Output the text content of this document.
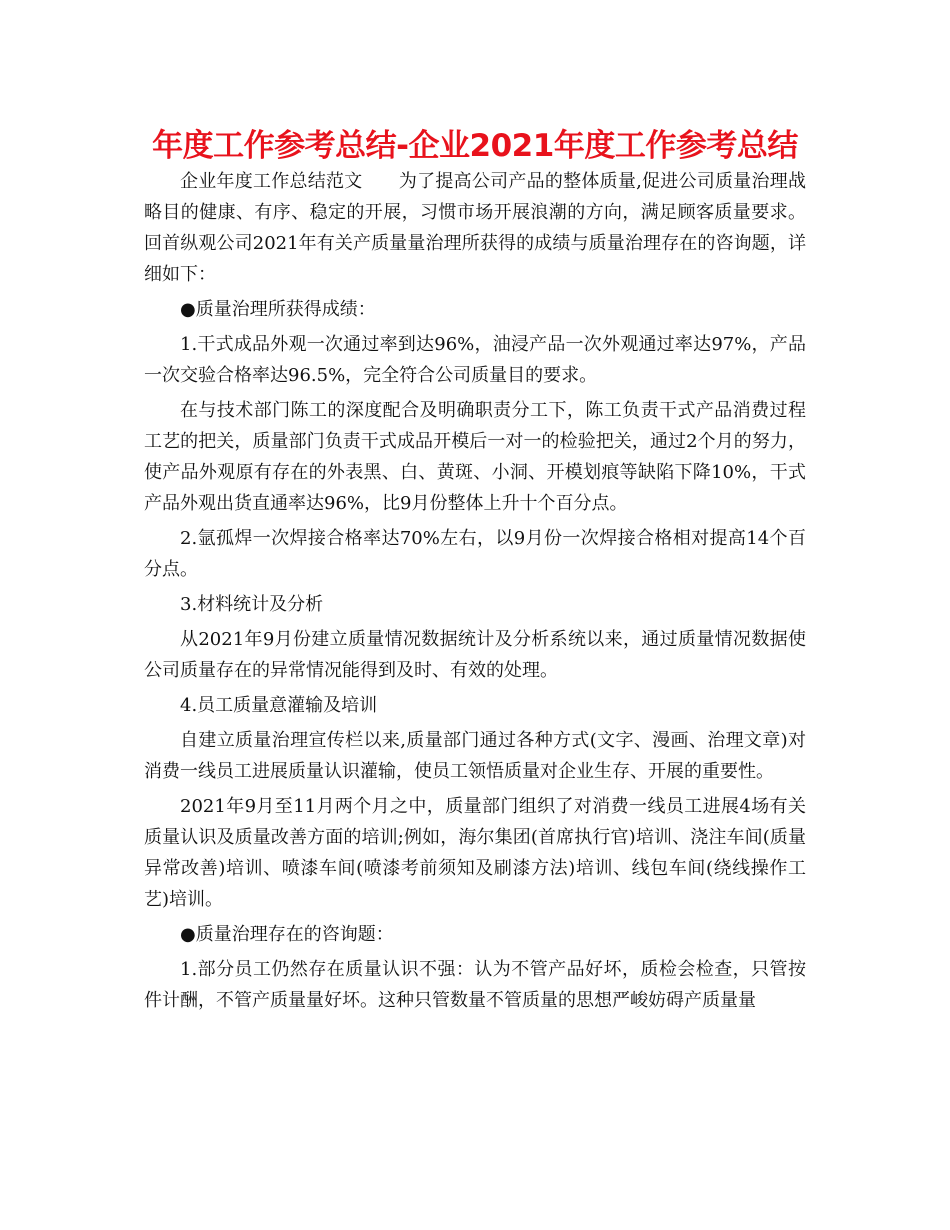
年度工作参考总结-企业2021年度工作参考总结

企业年度工作总结范文　　为了提高公司产品的整体质量,促进公司质量治理战略目的健康、有序、稳定的开展，习惯市场开展浪潮的方向，满足顾客质量要求。回首纵观公司2021年有关产质量量治理所获得的成绩与质量治理存在的咨询题，详细如下：

●质量治理所获得成绩：

1.干式成品外观一次通过率到达96%，油浸产品一次外观通过率达97%，产品一次交验合格率达96.5%，完全符合公司质量目的要求。

在与技术部门陈工的深度配合及明确职责分工下，陈工负责干式产品消费过程工艺的把关，质量部门负责干式成品开模后一对一的检验把关，通过2个月的努力，使产品外观原有存在的外表黑、白、黄斑、小洞、开模划痕等缺陷下降10%，干式产品外观出货直通率达96%，比9月份整体上升十个百分点。

2.氩孤焊一次焊接合格率达70%左右，以9月份一次焊接合格相对提高14个百分点。

3.材料统计及分析

从2021年9月份建立质量情况数据统计及分析系统以来，通过质量情况数据使公司质量存在的异常情况能得到及时、有效的处理。

4.员工质量意灌输及培训

自建立质量治理宣传栏以来,质量部门通过各种方式(文字、漫画、治理文章)对消费一线员工进展质量认识灌输，使员工领悟质量对企业生存、开展的重要性。

2021年9月至11月两个月之中，质量部门组织了对消费一线员工进展4场有关质量认识及质量改善方面的培训;例如，海尔集团(首席执行官)培训、浇注车间(质量异常改善)培训、喷漆车间(喷漆考前须知及刷漆方法)培训、线包车间(绕线操作工艺)培训。

●质量治理存在的咨询题：

1.部分员工仍然存在质量认识不强：认为不管产品好坏，质检会检查，只管按件计酬，不管产质量量好坏。这种只管数量不管质量的思想严峻妨碍产质量量
